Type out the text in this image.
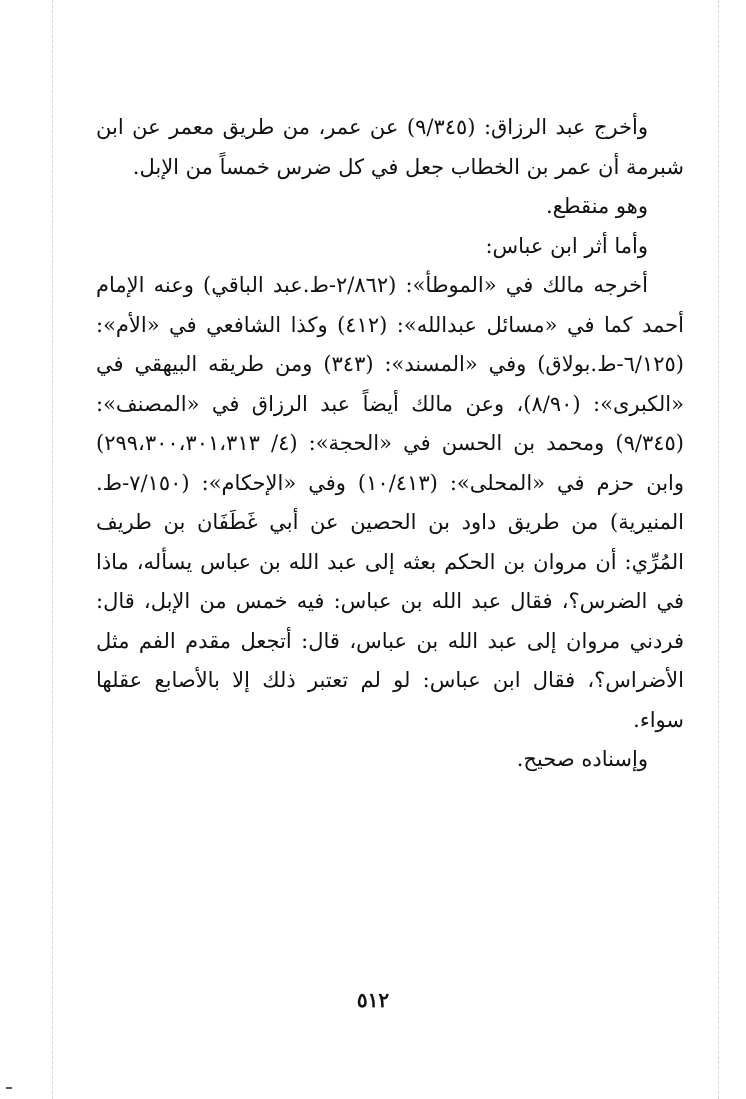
وأخرج عبد الرزاق: (٩/٣٤٥) عن عمر، من طريق معمر عن ابن شبرمة أن عمر بن الخطاب جعل في كل ضرس خمساً من الإبل.

وهو منقطع.

وأما أثر ابن عباس:

أخرجه مالك في «الموطأ»: (٢/٨٦٢-ط.عبد الباقي) وعنه الإمام أحمد كما في «مسائل عبدالله»: (٤١٢) وكذا الشافعي في «الأم»: (٦/١٢٥-ط.بولاق) وفي «المسند»: (٣٤٣) ومن طريقه البيهقي في «الكبرى»: (٨/٩٠)، وعن مالك أيضاً عبد الرزاق في «المصنف»: (٩/٣٤٥) ومحمد بن الحسن في «الحجة»: (٤/ ٢٩٩،٣٠٠،٣٠١،٣١٣) وابن حزم في «المحلى»: (١٠/٤١٣) وفي «الإحكام»: (٧/١٥٠-ط. المنيرية) من طريق داود بن الحصين عن أبي غَطَفَان بن طريف المُرِّي: أن مروان بن الحكم بعثه إلى عبد الله بن عباس يسأله، ماذا في الضرس؟، فقال عبد الله بن عباس: فيه خمس من الإبل، قال: فردني مروان إلى عبد الله بن عباس، قال: أتجعل مقدم الفم مثل الأضراس؟، فقال ابن عباس: لو لم تعتبر ذلك إلا بالأصابع عقلها سواء.

وإسناده صحيح.

٥١٢
